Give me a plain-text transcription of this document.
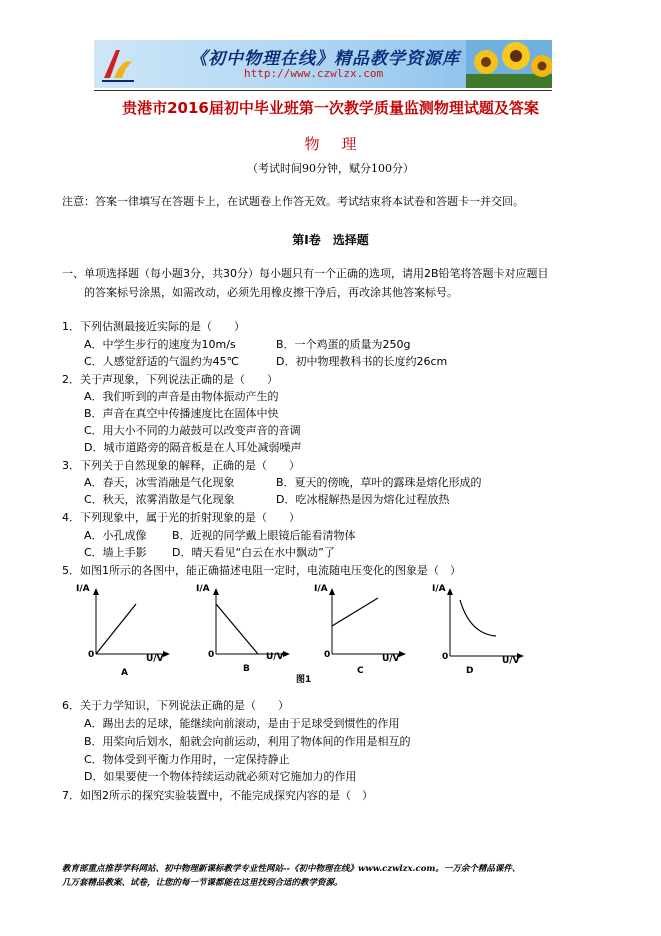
《初中物理在线》精品教学资源库
http://www.czwlzx.com
贵港市2016届初中毕业班第一次教学质量监测物理试题及答案
物理
（考试时间90分钟，赋分100分）
注意：答案一律填写在答题卡上，在试题卷上作答无效。考试结束将本试卷和答题卡一并交回。
第Ⅰ卷　选择题
一、单项选择题（每小题3分，共30分）每小题只有一个正确的选项，请用2B铅笔将答题卡对应题目
的答案标号涂黑，如需改动，必须先用橡皮擦干净后，再改涂其他答案标号。
1．下列估测最接近实际的是（　　）
A．中学生步行的速度为10m/s	B．一个鸡蛋的质量为250g
C．人感觉舒适的气温约为45℃	D．初中物理教科书的长度约26cm
2．关于声现象，下列说法正确的是（　　）
A．我们听到的声音是由物体振动产生的
B．声音在真空中传播速度比在固体中快
C．用大小不同的力敲鼓可以改变声音的音调
D．城市道路旁的隔音板是在人耳处减弱噪声
3．下列关于自然现象的解释，正确的是（　　）
A．春天，冰雪消融是气化现象	B．夏天的傍晚，草叶的露珠是熔化形成的
C．秋天，浓雾消散是气化现象	D．吃冰棍解热是因为熔化过程放热
4．下列现象中，属于光的折射现象的是（　　）
A．小孔成像 B．近视的同学戴上眼镜后能看清物体
C．墙上手影 D．晴天看见“白云在水中飘动”了
5．如图1所示的各图中，能正确描述电阻一定时，电流随电压变化的图象是（　）
I/A
0	U/V
A
I/A
0	U/V
B
I/A
0	U/V
C
I/A
0	U/V
D
图1
6．关于力学知识，下列说法正确的是（　　）
A．踢出去的足球，能继续向前滚动，是由于足球受到惯性的作用
B．用桨向后划水，船就会向前运动，利用了物体间的作用是相互的
C．物体受到平衡力作用时，一定保持静止
D．如果要使一个物体持续运动就必须对它施加力的作用
7．如图2所示的探究实验装置中，不能完成探究内容的是（　）
教育部重点推荐学科网站、初中物理新课标教学专业性网站--《初中物理在线》www.czwlzx.com。一万余个精品课件、
几万套精品教案、试卷，让您的每一节课都能在这里找到合适的教学资源。
